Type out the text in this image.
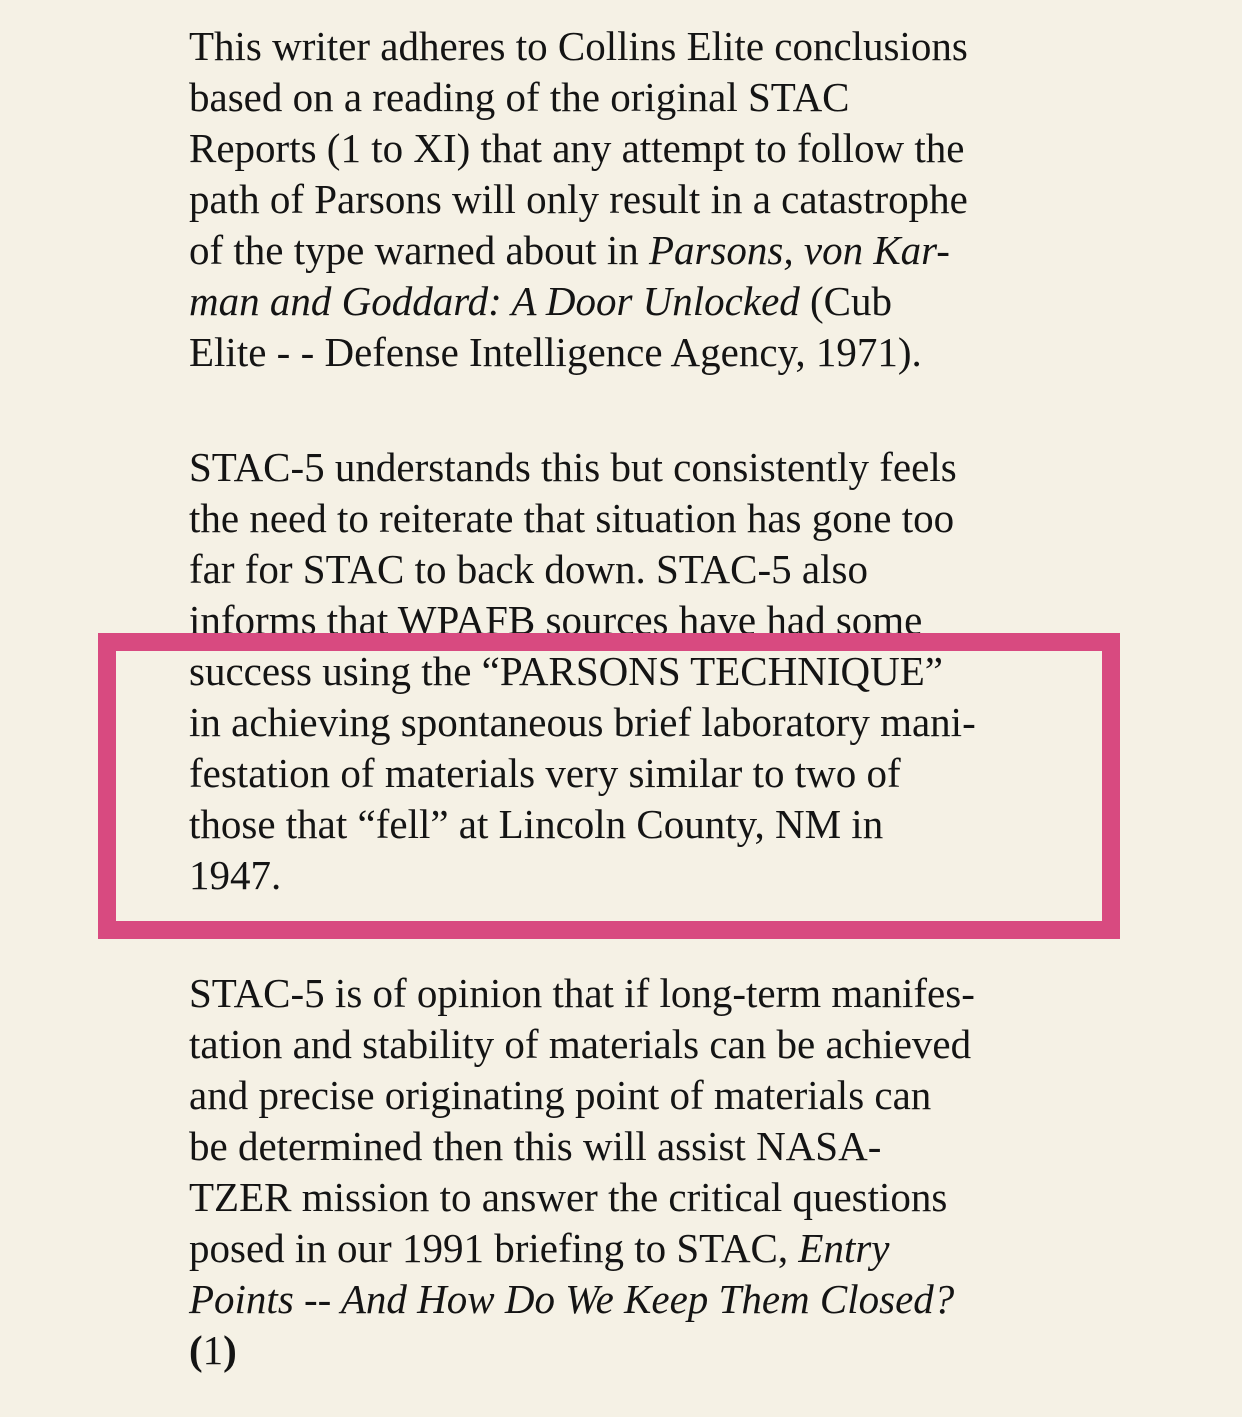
This writer adheres to Collins Elite conclusions
based on a reading of the original STAC
Reports (1 to XI) that any attempt to follow the
path of Parsons will only result in a catastrophe
of the type warned about in Parsons, von Kar-
man and Goddard: A Door Unlocked (Cub
Elite - - Defense Intelligence Agency, 1971).
STAC-5 understands this but consistently feels
the need to reiterate that situation has gone too
far for STAC to back down. STAC-5 also
informs that WPAFB sources have had some
success using the “PARSONS TECHNIQUE”
in achieving spontaneous brief laboratory mani-
festation of materials very similar to two of
those that “fell” at Lincoln County, NM in
1947.
STAC-5 is of opinion that if long-term manifes-
tation and stability of materials can be achieved
and precise originating point of materials can
be determined then this will assist NASA-
TZER mission to answer the critical questions
posed in our 1991 briefing to STAC, Entry
Points -- And How Do We Keep Them Closed?
(1)
